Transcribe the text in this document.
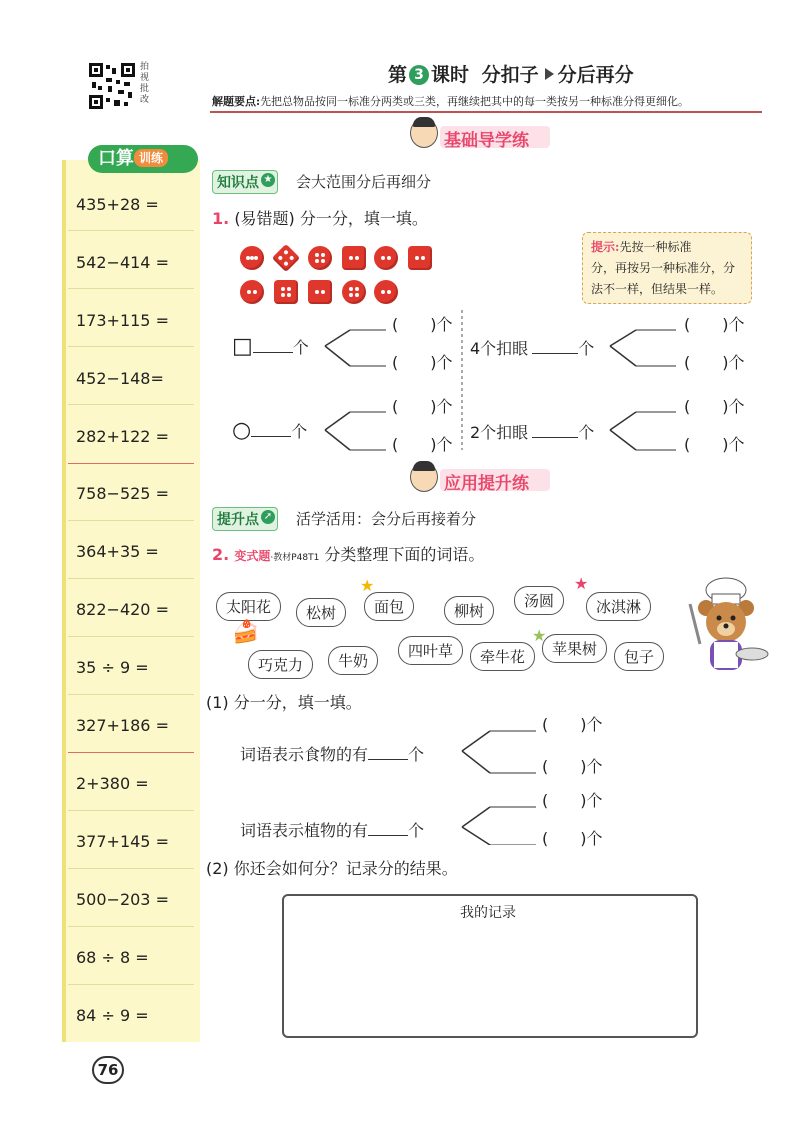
拍视批改
第 3 课时 分扣子 分后再分
解题要点:先把总物品按同一标准分两类或三类，再继续把其中的每一类按另一种标准分得更细化。
口算 训练
435+28 =
542−414 =
173+115 =
452−148=
282+122 =
758−525 =
364+35 =
822−420 =
35 ÷ 9 =
327+186 =
2+380 =
377+145 =
500−203 =
68 ÷ 8 =
84 ÷ 9 =
基础导学练
知识点 ★ 会大范围分后再细分
1. (易错题) 分一分，填一填。
提示:先按一种标准
分，再按另一种标准分，分
法不一样，但结果一样。
□	个
(　　)个
(　　)个
○	个
(　　)个
(　　)个
4个扣眼	个
(　　)个
(　　)个
2个扣眼	个
(　　)个
(　　)个
应用提升练
提升点 ➚ 活学活用：会分后再接着分
2. 变式题·教材P48T1 分类整理下面的词语。
太阳花	松树	面包	柳树
汤圆	冰淇淋
巧克力	牛奶
四叶草	牵牛花	苹果树	包子
🍰
★
★
★
(1) 分一分，填一填。
词语表示食物的有	个
(　　)个
(　　)个
词语表示植物的有	个
(　　)个
(　　)个
(2) 你还会如何分？记录分的结果。
我的记录
76
